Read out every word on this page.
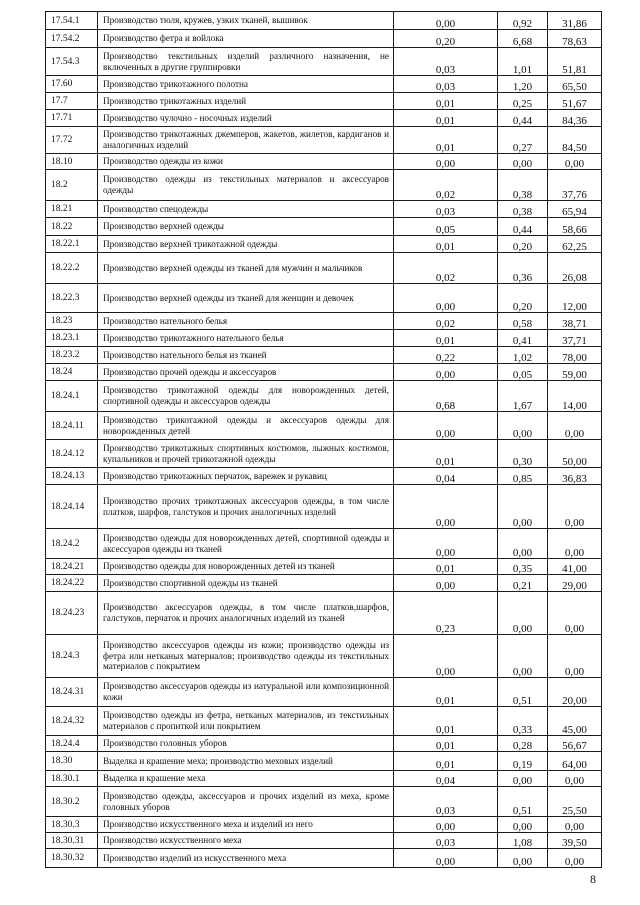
17.54.1	Производство тюля, кружев, узких тканей, вышивок	0,00	0,92	31,86
17.54.2	Производство фетра и войлока	0,20	6,68	78,63
17.54.3	Производство текстильных изделий различного назначения, не включенных в другие группировки	0,03	1,01	51,81
17.60	Производство трикотажного полотна	0,03	1,20	65,50
17.7	Производство трикотажных изделий	0,01	0,25	51,67
17.71	Производство чулочно - носочных изделий	0,01	0,44	84,36
17.72	Производство трикотажных джемперов, жакетов, жилетов, кардиганов и аналогичных изделий	0,01	0,27	84,50
18.10	Производство одежды из кожи	0,00	0,00	0,00
18.2	Производство одежды из текстильных материалов и аксессуаров одежды	0,02	0,38	37,76
18.21	Производство спецодежды	0,03	0,38	65,94
18.22	Производство верхней одежды	0,05	0,44	58,66
18.22.1	Производство верхней трикотажной одежды	0,01	0,20	62,25
18.22.2	Производство верхней одежды из тканей для мужчин и мальчиков	0,02	0,36	26,08
18.22.3	Производство верхней одежды из тканей для женщин и девочек	0,00	0,20	12,00
18.23	Производство нательного белья	0,02	0,58	38,71
18.23.1	Производство трикотажного нательного белья	0,01	0,41	37,71
18.23.2	Производство нательного белья из тканей	0,22	1,02	78,00
18.24	Производство прочей одежды и аксессуаров	0,00	0,05	59,00
18.24.1	Производство трикотажной одежды для новорожденных детей, спортивной одежды и аксессуаров одежды	0,68	1,67	14,00
18.24.11	Производство трикотажной одежды и аксессуаров одежды для новорожденных детей	0,00	0,00	0,00
18.24.12	Производство трикотажных спортивных костюмов, лыжных костюмов, купальников и прочей трикотажной одежды	0,01	0,30	50,00
18.24.13	Производство трикотажных перчаток, варежек и рукавиц	0,04	0,85	36,83
18.24.14	Производство прочих трикотажных аксессуаров одежды, в том числе платков, шарфов, галстуков и прочих аналогичных изделий	0,00	0,00	0,00
18.24.2	Производство одежды для новорожденных детей, спортивной одежды и аксессуаров одежды из тканей	0,00	0,00	0,00
18.24.21	Производство одежды для новорожденных детей из тканей	0,01	0,35	41,00
18.24.22	Производство спортивной одежды из тканей	0,00	0,21	29,00
18.24.23	Производство аксессуаров одежды, в том числе платков,шарфов, галстуков, перчаток и прочих аналогичных изделий из тканей	0,23	0,00	0,00
18.24.3	Производство аксессуаров одежды из кожи; производство одежды из фетра или нетканых материалов; производство одежды из текстильных материалов с покрытием	0,00	0,00	0,00
18.24.31	Производство аксессуаров одежды из натуральной или композиционной кожи	0,01	0,51	20,00
18.24.32	Производство одежды из фетра, нетканых материалов, из текстильных материалов с пропиткой или покрытием	0,01	0,33	45,00
18.24.4	Производство головных уборов	0,01	0,28	56,67
18.30	Выделка и крашение меха; производство меховых изделий	0,01	0,19	64,00
18.30.1	Выделка и крашение меха	0,04	0,00	0,00
18.30.2	Производство одежды, аксессуаров и прочих изделий из меха, кроме головных уборов	0,03	0,51	25,50
18.30.3	Производство искусственного меха и изделий из него	0,00	0,00	0,00
18.30.31	Производство искусственного меха	0,03	1,08	39,50
18.30.32	Производство изделий из искусственного меха	0,00	0,00	0,00
8
